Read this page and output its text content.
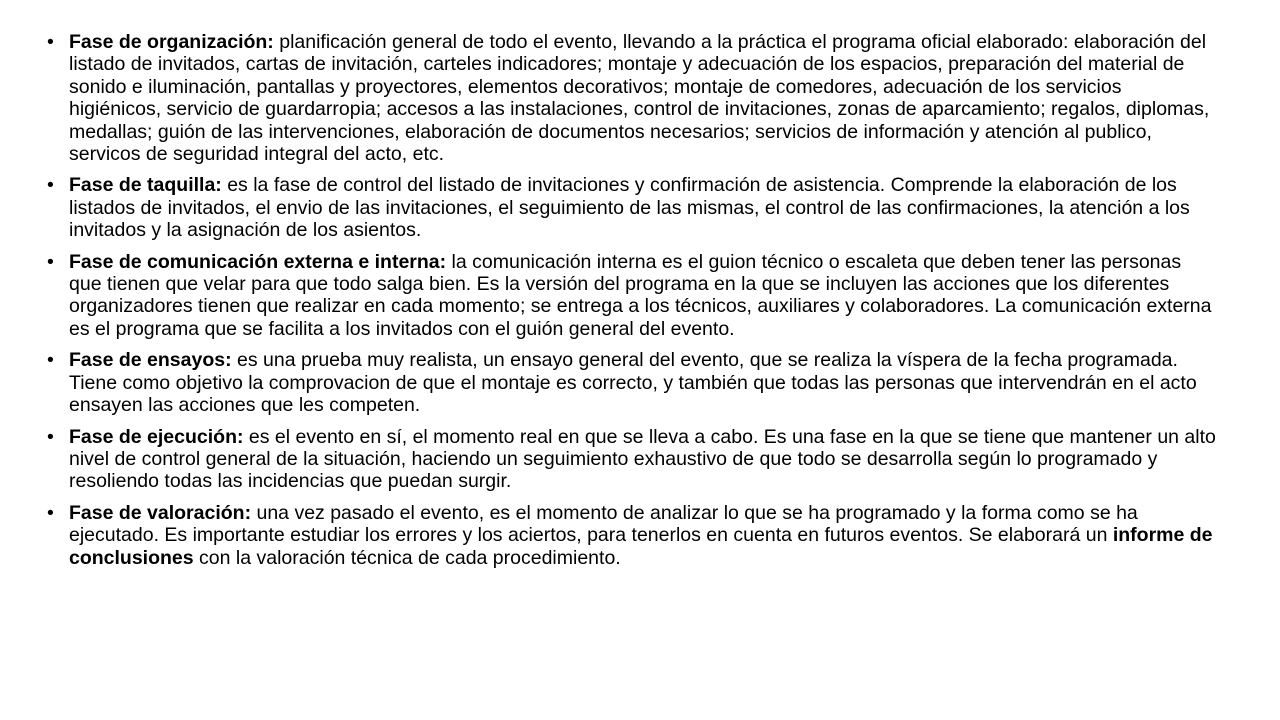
• Fase de organización: planificación general de todo el evento, llevando a la práctica el programa oficial elaborado: elaboración del listado de invitados, cartas de invitación, carteles indicadores; montaje y adecuación de los espacios, preparación del material de sonido e iluminación, pantallas y proyectores, elementos decorativos; montaje de comedores, adecuación de los servicios higiénicos, servicio de guardarropia; accesos a las instalaciones, control de invitaciones, zonas de aparcamiento; regalos, diplomas, medallas; guión de las intervenciones, elaboración de documentos necesarios; servicios de información y atención al publico, servicos de seguridad integral del acto, etc.
• Fase de taquilla: es la fase de control del listado de invitaciones y confirmación de asistencia. Comprende la elaboración de los listados de invitados, el envio de las invitaciones, el seguimiento de las mismas, el control de las confirmaciones, la atención a los invitados y la asignación de los asientos.
• Fase de comunicación externa e interna: la comunicación interna es el guion técnico o escaleta que deben tener las personas que tienen que velar para que todo salga bien. Es la versión del programa en la que se incluyen las acciones que los diferentes organizadores tienen que realizar en cada momento; se entrega a los técnicos, auxiliares y colaboradores. La comunicación externa es el programa que se facilita a los invitados con el guión general del evento.
• Fase de ensayos: es una prueba muy realista, un ensayo general del evento, que se realiza la víspera de la fecha programada. Tiene como objetivo la comprovacion de que el montaje es correcto, y también que todas las personas que intervendrán en el acto ensayen las acciones que les competen.
• Fase de ejecución: es el evento en sí, el momento real en que se lleva a cabo. Es una fase en la que se tiene que mantener un alto nivel de control general de la situación, haciendo un seguimiento exhaustivo de que todo se desarrolla según lo programado y resoliendo todas las incidencias que puedan surgir.
• Fase de valoración: una vez pasado el evento, es el momento de analizar lo que se ha programado y la forma como se ha ejecutado. Es importante estudiar los errores y los aciertos, para tenerlos en cuenta en futuros eventos. Se elaborará un informe de conclusiones con la valoración técnica de cada procedimiento.
